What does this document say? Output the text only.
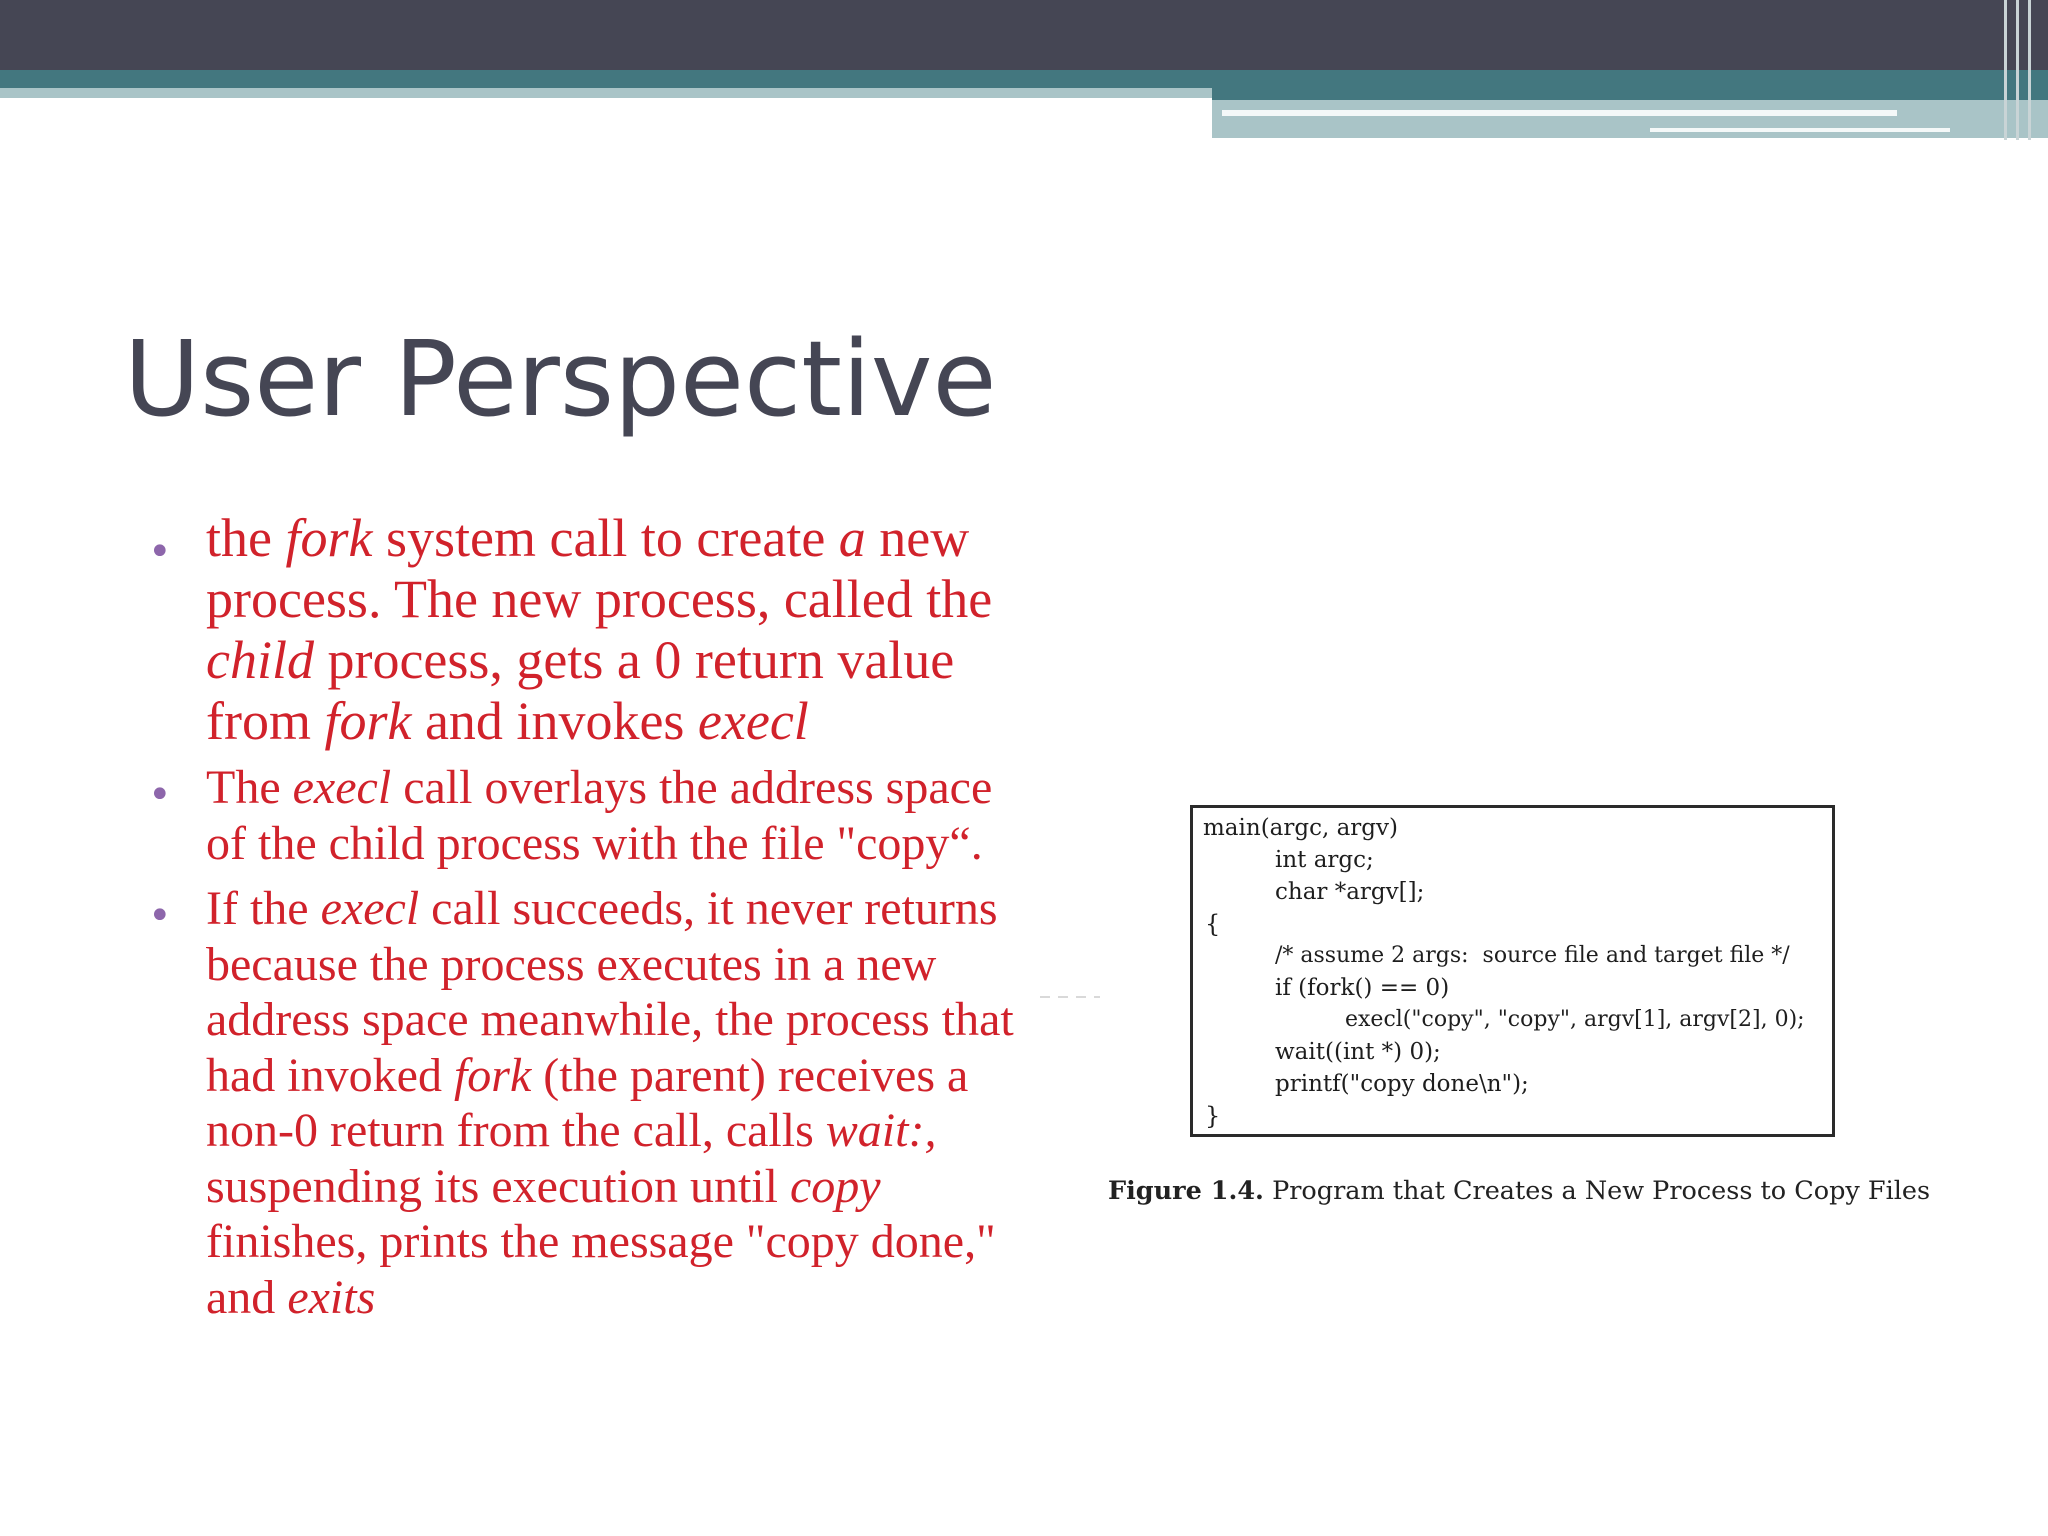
User Perspective
• the fork system call to create a new process. The new process, called the child process, gets a 0 return value from fork and invokes execl
• The execl call overlays the address space of the child process with the file "copy“.
• If the execl call succeeds, it never returns because the process executes in a new address space meanwhile, the process that had invoked fork (the parent) receives a non-0 return from the call, calls wait:, suspending its execution until copy finishes, prints the message "copy done," and exits
main(argc, argv)
int argc;
char *argv[];
{
/* assume 2 args:  source file and target file */
if (fork() == 0)
execl("copy", "copy", argv[1], argv[2], 0);
wait((int *) 0);
printf("copy done\n");
}
Figure 1.4. Program that Creates a New Process to Copy Files
